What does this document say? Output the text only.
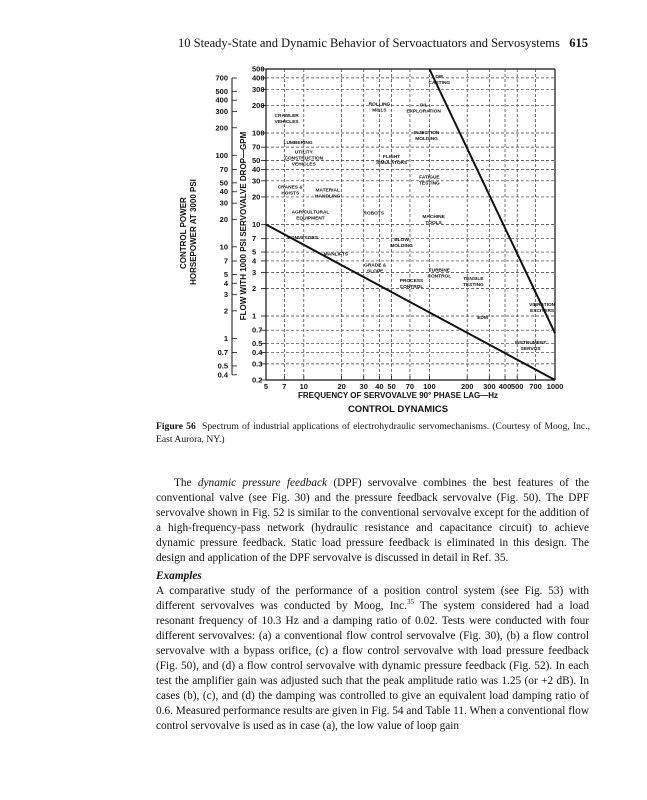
10 Steady-State and Dynamic Behavior of Servoactuators and Servosystems 615
700
500
400
300
200
100
70
50
40
30
20
10
7
5
4
3
2
1
0.7
0.5
0.4
500
400
300
200
100
70
50
40
30
20
10
7
5
4
3
2
1
0.7
0.5
0.4
0.3
0.2
5 7 10	20 30 40 50 70 100	200 300 400 500 700 1000
DIE CASTING
OIL EXPLORATION
ROLLING MILLS
CRAWLER VEHICLES
INJECTION MOLDING
LUMBERING
FLIGHT SIMULATORS
UTILITY CONSTRUCTION VEHICLES
FATIGUE TESTING
CRANES & HOISTS
MATERIAL HANDLING
AGRICULTURAL EQUIPMENT
ROBOTS
MACHINE TOOLS
CONVEYORS	BLOW MOLDING
MANLIFTS
GRADE & SLOPE	TURBINE CONTROL
PROCESS CONTROL
TENSILE TESTING
VIBRATION EXCITERS
EDM
INSTRUMENT SERVOS
CONTROL POWER HORSEPOWER AT 3000 PSI	FLOW WITH 1000 PSI SERVOVALVE DROP—GPM
FREQUENCY OF SERVOVALVE 90° PHASE LAG—Hz
CONTROL DYNAMICS
Figure 56 Spectrum of industrial applications of electrohydraulic servomechanisms. (Courtesy of Moog, Inc., East Aurora, NY.)
The dynamic pressure feedback (DPF) servovalve combines the best features of the conventional valve (see Fig. 30) and the pressure feedback servovalve (Fig. 50). The DPF servovalve shown in Fig. 52 is similar to the conventional servovalve except for the addition of a high-frequency-pass network (hydraulic resistance and capacitance circuit) to achieve dynamic pressure feedback. Static load pressure feedback is eliminated in this design. The design and application of the DPF servovalve is discussed in detail in Ref. 35.
Examples
A comparative study of the performance of a position control system (see Fig. 53) with different servovalves was conducted by Moog, Inc.$^{35}$ The system considered had a load resonant frequency of 10.3 Hz and a damping ratio of 0.02. Tests were conducted with four different servovalves: (a) a conventional flow control servovalve (Fig. 30), (b) a flow control servovalve with a bypass orifice, (c) a flow control servovalve with load pressure feedback (Fig. 50), and (d) a flow control servovalve with dynamic pressure feedback (Fig. 52). In each test the amplifier gain was adjusted such that the peak amplitude ratio was 1.25 (or +2 dB). In cases (b), (c), and (d) the damping was controlled to give an equivalent load damping ratio of 0.6. Measured performance results are given in Fig. 54 and Table 11. When a conventional flow control servovalve is used as in case (a), the low value of loop gain
